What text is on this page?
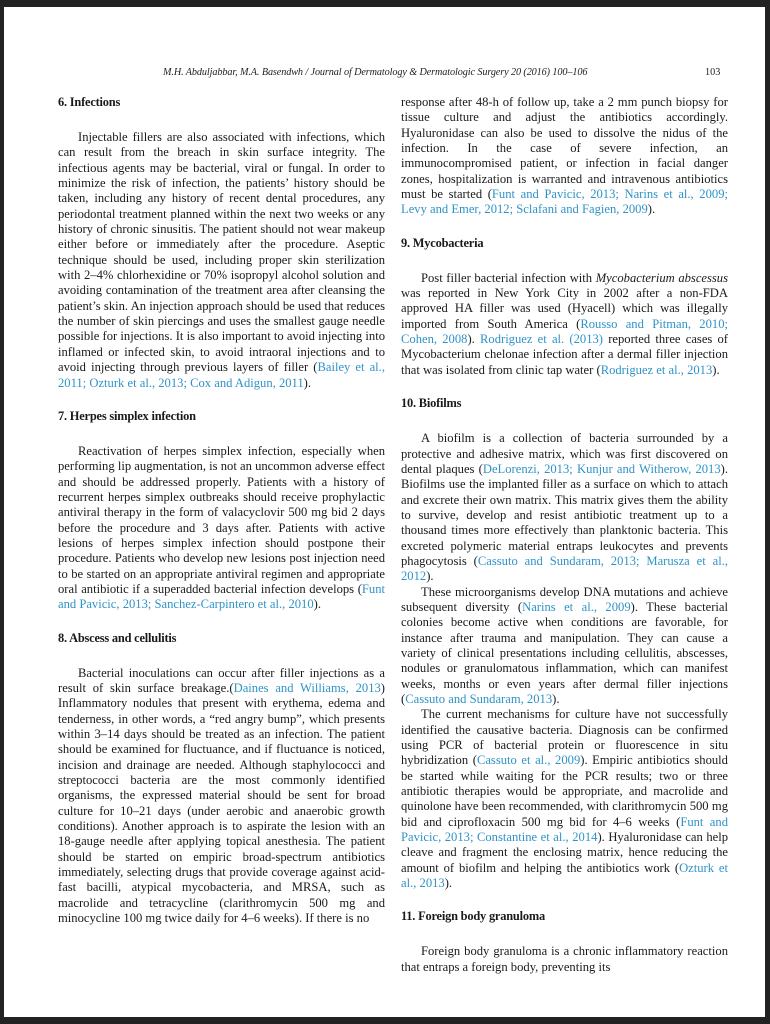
M.H. Abduljabbar, M.A. Basendwh / Journal of Dermatology & Dermatologic Surgery 20 (2016) 100–106	103
6. Infections

Injectable fillers are also associated with infections, which can result from the breach in skin surface integrity. The infectious agents may be bacterial, viral or fungal. In order to minimize the risk of infection, the patients’ history should be taken, including any history of recent dental procedures, any periodontal treatment planned within the next two weeks or any history of chronic sinusitis. The patient should not wear makeup either before or immediately after the procedure. Aseptic technique should be used, including proper skin sterilization with 2–4% chlorhexidine or 70% isopropyl alcohol solution and avoiding contamination of the treatment area after cleansing the patient’s skin. An injection approach should be used that reduces the number of skin piercings and uses the smallest gauge needle possible for injections. It is also important to avoid injecting into inflamed or infected skin, to avoid intraoral injections and to avoid injecting through previous layers of filler (Bailey et al., 2011; Ozturk et al., 2013; Cox and Adigun, 2011).

7. Herpes simplex infection

Reactivation of herpes simplex infection, especially when performing lip augmentation, is not an uncommon adverse effect and should be addressed properly. Patients with a history of recurrent herpes simplex outbreaks should receive prophylactic antiviral therapy in the form of valacyclovir 500 mg bid 2 days before the procedure and 3 days after. Patients with active lesions of herpes simplex infection should postpone their procedure. Patients who develop new lesions post injection need to be started on an appropriate antiviral regimen and appropriate oral antibiotic if a superadded bacterial infection develops (Funt and Pavicic, 2013; Sanchez-Carpintero et al., 2010).

8. Abscess and cellulitis

Bacterial inoculations can occur after filler injections as a result of skin surface breakage.(Daines and Williams, 2013) Inflammatory nodules that present with erythema, edema and tenderness, in other words, a “red angry bump”, which presents within 3–14 days should be treated as an infection. The patient should be examined for fluctuance, and if fluctuance is noticed, incision and drainage are needed. Although staphylococci and streptococci bacteria are the most commonly identified organisms, the expressed material should be sent for broad culture for 10–21 days (under aerobic and anaerobic growth conditions). Another approach is to aspirate the lesion with an 18-gauge needle after applying topical anesthesia. The patient should be started on empiric broad-spectrum antibiotics immediately, selecting drugs that provide coverage against acid-fast bacilli, atypical mycobacteria, and MRSA, such as macrolide and tetracycline (clarithromycin 500 mg and minocycline 100 mg twice daily for 4–6 weeks). If there is no

response after 48-h of follow up, take a 2 mm punch biopsy for tissue culture and adjust the antibiotics accordingly. Hyaluronidase can also be used to dissolve the nidus of the infection. In the case of severe infection, an immunocompromised patient, or infection in facial danger zones, hospitalization is warranted and intravenous antibiotics must be started (Funt and Pavicic, 2013; Narins et al., 2009; Levy and Emer, 2012; Sclafani and Fagien, 2009).

9. Mycobacteria

Post filler bacterial infection with Mycobacterium abscessus was reported in New York City in 2002 after a non-FDA approved HA filler was used (Hyacell) which was illegally imported from South America (Rousso and Pitman, 2010; Cohen, 2008). Rodriguez et al. (2013) reported three cases of Mycobacterium chelonae infection after a dermal filler injection that was isolated from clinic tap water (Rodriguez et al., 2013).

10. Biofilms

A biofilm is a collection of bacteria surrounded by a protective and adhesive matrix, which was first discovered on dental plaques (DeLorenzi, 2013; Kunjur and Witherow, 2013). Biofilms use the implanted filler as a surface on which to attach and excrete their own matrix. This matrix gives them the ability to survive, develop and resist antibiotic treatment up to a thousand times more effectively than planktonic bacteria. This excreted polymeric material entraps leukocytes and prevents phagocytosis (Cassuto and Sundaram, 2013; Marusza et al., 2012).

These microorganisms develop DNA mutations and achieve subsequent diversity (Narins et al., 2009). These bacterial colonies become active when conditions are favorable, for instance after trauma and manipulation. They can cause a variety of clinical presentations including cellulitis, abscesses, nodules or granulomatous inflammation, which can manifest weeks, months or even years after dermal filler injections (Cassuto and Sundaram, 2013).

The current mechanisms for culture have not successfully identified the causative bacteria. Diagnosis can be confirmed using PCR of bacterial protein or fluorescence in situ hybridization (Cassuto et al., 2009). Empiric antibiotics should be started while waiting for the PCR results; two or three antibiotic therapies would be appropriate, and macrolide and quinolone have been recommended, with clarithromycin 500 mg bid and ciprofloxacin 500 mg bid for 4–6 weeks (Funt and Pavicic, 2013; Constantine et al., 2014). Hyaluronidase can help cleave and fragment the enclosing matrix, hence reducing the amount of biofilm and helping the antibiotics work (Ozturk et al., 2013).

11. Foreign body granuloma

Foreign body granuloma is a chronic inflammatory reaction that entraps a foreign body, preventing its
